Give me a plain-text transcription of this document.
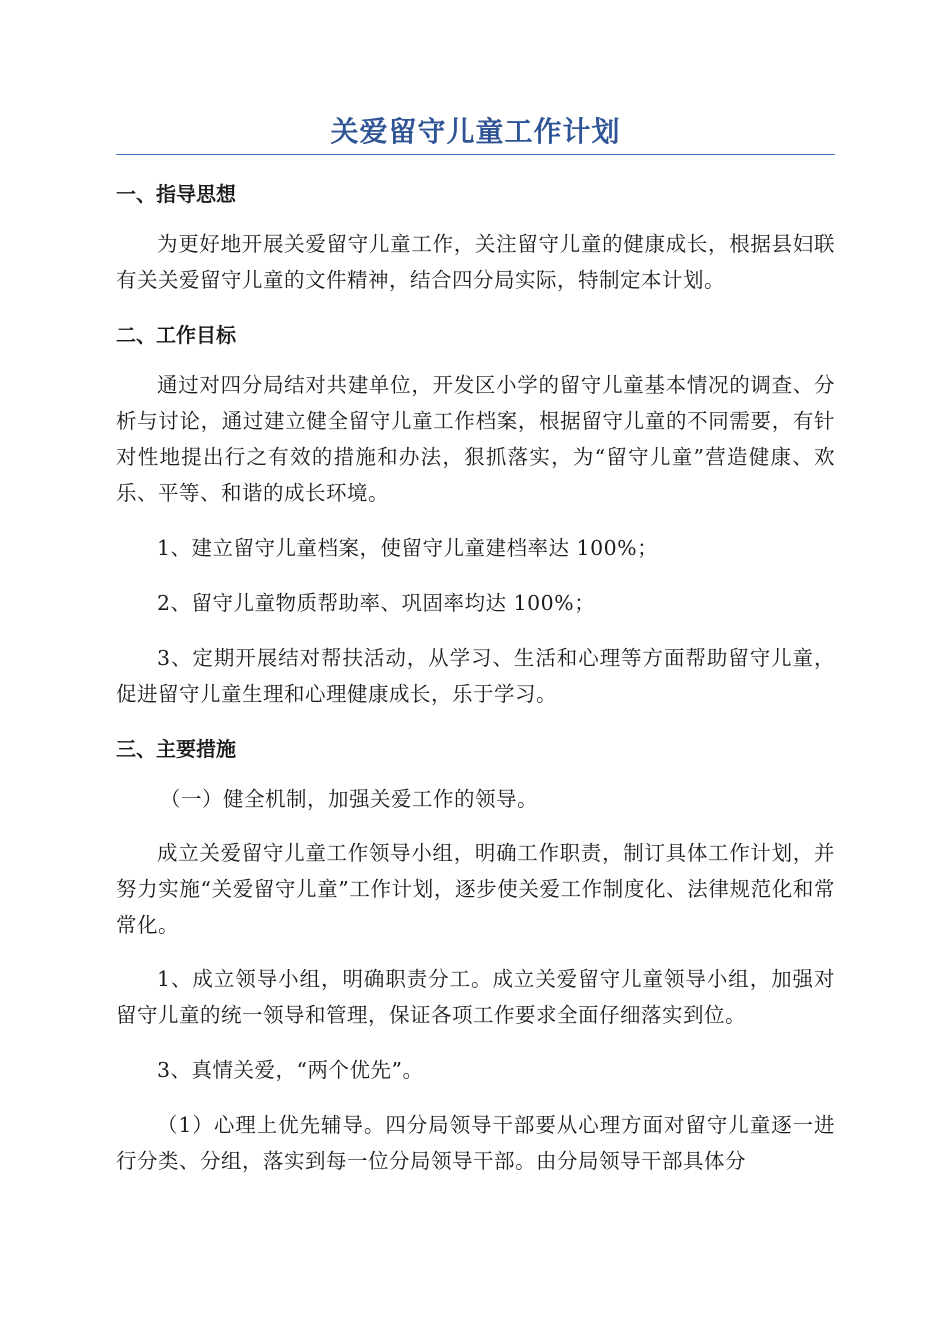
关爱留守儿童工作计划
一、指导思想

为更好地开展关爱留守儿童工作，关注留守儿童的健康成长，根据县妇联有关关爱留守儿童的文件精神，结合四分局实际，特制定本计划。

二、工作目标

通过对四分局结对共建单位，开发区小学的留守儿童基本情况的调查、分析与讨论，通过建立健全留守儿童工作档案，根据留守儿童的不同需要，有针对性地提出行之有效的措施和办法，狠抓落实，为“留守儿童”营造健康、欢乐、平等、和谐的成长环境。

1、建立留守儿童档案，使留守儿童建档率达 100%；

2、留守儿童物质帮助率、巩固率均达 100%；

3、定期开展结对帮扶活动，从学习、生活和心理等方面帮助留守儿童，促进留守儿童生理和心理健康成长，乐于学习。

三、主要措施

（一）健全机制，加强关爱工作的领导。

成立关爱留守儿童工作领导小组，明确工作职责，制订具体工作计划，并努力实施“关爱留守儿童”工作计划，逐步使关爱工作制度化、法律规范化和常常化。

1、成立领导小组，明确职责分工。成立关爱留守儿童领导小组，加强对留守儿童的统一领导和管理，保证各项工作要求全面仔细落实到位。

3、真情关爱，“两个优先”。

（1）心理上优先辅导。四分局领导干部要从心理方面对留守儿童逐一进行分类、分组，落实到每一位分局领导干部。由分局领导干部具体分
